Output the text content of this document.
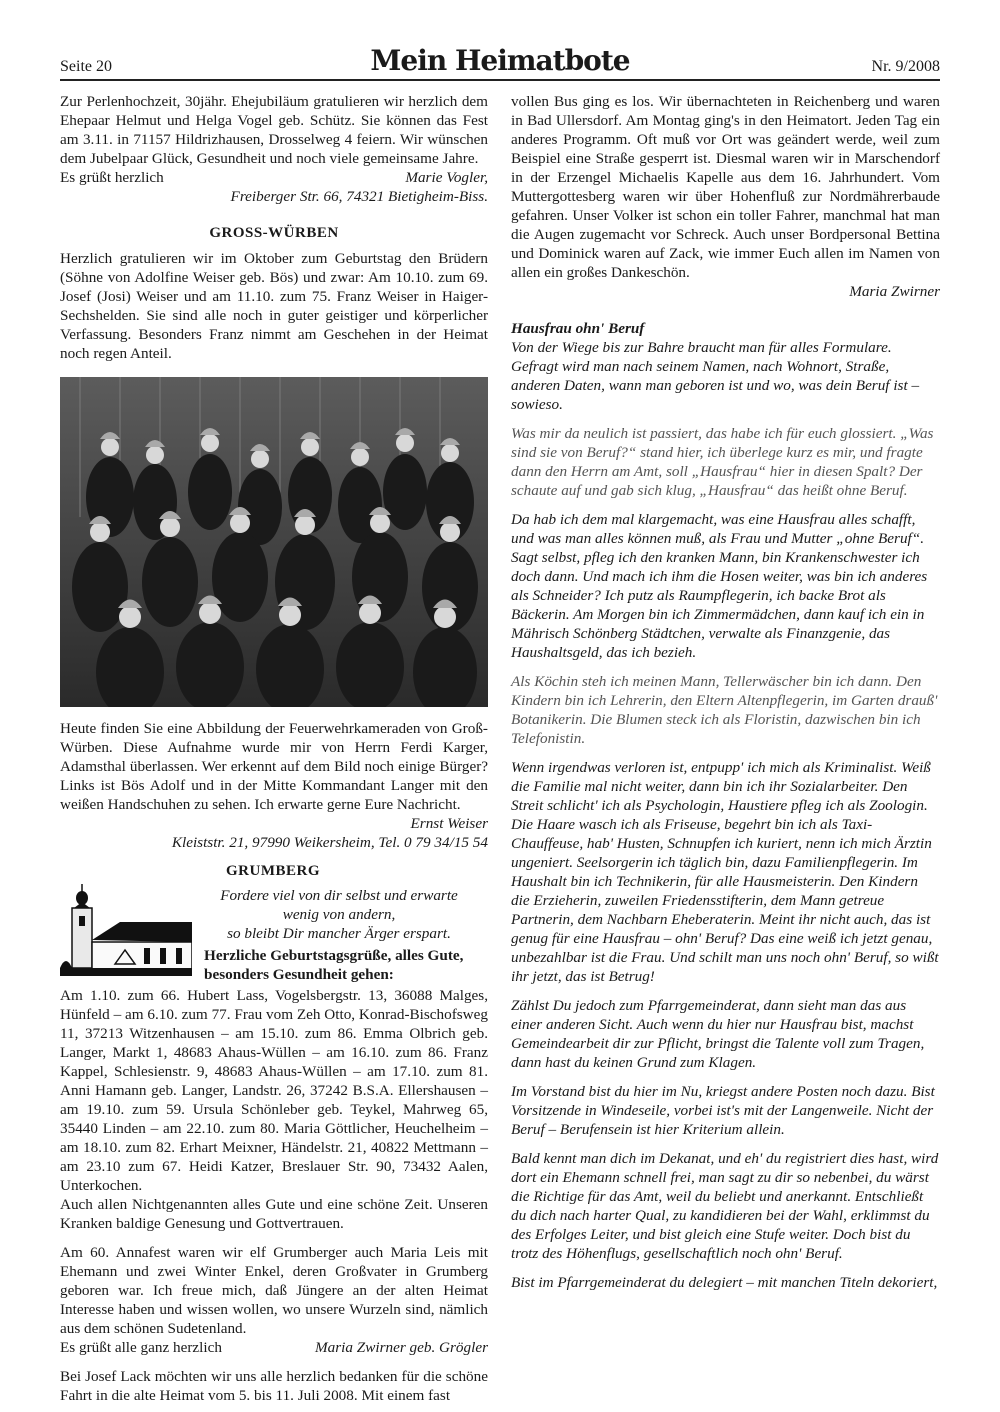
Seite 20	Mein Heimatbote	Nr. 9/2008

Zur Perlenhochzeit, 30jähr. Ehejubiläum gratulieren wir herzlich dem Ehepaar Helmut und Helga Vogel geb. Schütz. Sie können das Fest am 3.11. in 71157 Hildrizhausen, Drosselweg 4 feiern. Wir wünschen dem Jubelpaar Glück, Gesundheit und noch viele gemeinsame Jahre.

Es grüßt herzlich	Marie Vogler,

Freiberger Str. 66, 74321 Bietigheim-Biss.

GROSS-WÜRBEN

Herzlich gratulieren wir im Oktober zum Geburtstag den Brüdern (Söhne von Adolfine Weiser geb. Bös) und zwar: Am 10.10. zum 69. Josef (Josi) Weiser und am 11.10. zum 75. Franz Weiser in Haiger-Sechshelden. Sie sind alle noch in guter geistiger und körperlicher Verfassung. Besonders Franz nimmt am Geschehen in der Heimat noch regen Anteil.

Heute finden Sie eine Abbildung der Feuerwehrkameraden von Groß-Würben. Diese Aufnahme wurde mir von Herrn Ferdi Karger, Adamsthal überlassen. Wer erkennt auf dem Bild noch einige Bürger? Links ist Bös Adolf und in der Mitte Kommandant Langer mit den weißen Handschuhen zu sehen. Ich erwarte gerne Eure Nachricht.

Ernst Weiser

Kleiststr. 21, 97990 Weikersheim, Tel. 0 79 34/15 54

GRUMBERG
Fordere viel von dir selbst und erwarte
wenig von andern,
so bleibt Dir mancher Ärger erspart.
Herzliche Geburtstagsgrüße, alles Gute,
besonders Gesundheit gehen:

Am 1.10. zum 66. Hubert Lass, Vogelsbergstr. 13, 36088 Malges, Hünfeld – am 6.10. zum 77. Frau vom Zeh Otto, Konrad-Bischofsweg 11, 37213 Witzenhausen – am 15.10. zum 86. Emma Olbrich geb. Langer, Markt 1, 48683 Ahaus-Wüllen – am 16.10. zum 86. Franz Kappel, Schlesienstr. 9, 48683 Ahaus-Wüllen – am 17.10. zum 81. Anni Hamann geb. Langer, Landstr. 26, 37242 B.S.A. Ellershausen – am 19.10. zum 59. Ursula Schönleber geb. Teykel, Mahrweg 65, 35440 Linden – am 22.10. zum 80. Maria Göttlicher, Heuchelheim – am 18.10. zum 82. Erhart Meixner, Händelstr. 21, 40822 Mettmann – am 23.10 zum 67. Heidi Katzer, Breslauer Str. 90, 73432 Aalen, Unterkochen.

Auch allen Nichtgenannten alles Gute und eine schöne Zeit. Unseren Kranken baldige Genesung und Gottvertrauen.

Am 60. Annafest waren wir elf Grumberger auch Maria Leis mit Ehemann und zwei Winter Enkel, deren Großvater in Grumberg geboren war. Ich freue mich, daß Jüngere an der alten Heimat Interesse haben und wissen wollen, wo unsere Wurzeln sind, nämlich aus dem schönen Sudetenland.

Es grüßt alle ganz herzlich	Maria Zwirner geb. Grögler

Bei Josef Lack möchten wir uns alle herzlich bedanken für die schöne Fahrt in die alte Heimat vom 5. bis 11. Juli 2008. Mit einem fast

vollen Bus ging es los. Wir übernachteten in Reichenberg und waren in Bad Ullersdorf. Am Montag ging's in den Heimatort. Jeden Tag ein anderes Programm. Oft muß vor Ort was geändert werde, weil zum Beispiel eine Straße gesperrt ist. Diesmal waren wir in Marschendorf in der Erzengel Michaelis Kapelle aus dem 16. Jahrhundert. Vom Muttergottesberg waren wir über Hohenfluß zur Nordmährerbaude gefahren. Unser Volker ist schon ein toller Fahrer, manchmal hat man die Augen zugemacht vor Schreck. Auch unser Bordpersonal Bettina und Dominick waren auf Zack, wie immer Euch allen im Namen von allen ein großes Dankeschön.

Maria Zwirner

Hausfrau ohn' Beruf

Von der Wiege bis zur Bahre braucht man für alles Formulare. Gefragt wird man nach seinem Namen, nach Wohnort, Straße, anderen Daten, wann man geboren ist und wo, was dein Beruf ist – sowieso.

Was mir da neulich ist passiert, das habe ich für euch glossiert. „Was sind sie von Beruf?“ stand hier, ich überlege kurz es mir, und fragte dann den Herrn am Amt, soll „Hausfrau“ hier in diesen Spalt? Der schaute auf und gab sich klug, „Hausfrau“ das heißt ohne Beruf.

Da hab ich dem mal klargemacht, was eine Hausfrau alles schafft, und was man alles können muß, als Frau und Mutter „ohne Beruf“. Sagt selbst, pfleg ich den kranken Mann, bin Krankenschwester ich doch dann. Und mach ich ihm die Hosen weiter, was bin ich anderes als Schneider? Ich putz als Raumpflegerin, ich backe Brot als Bäckerin. Am Morgen bin ich Zimmermädchen, dann kauf ich ein in Mährisch Schönberg Städtchen, verwalte als Finanzgenie, das Haushaltsgeld, das ich bezieh.

Als Köchin steh ich meinen Mann, Tellerwäscher bin ich dann. Den Kindern bin ich Lehrerin, den Eltern Altenpflegerin, im Garten drauß' Botanikerin. Die Blumen steck ich als Floristin, dazwischen bin ich Telefonistin.

Wenn irgendwas verloren ist, entpupp' ich mich als Kriminalist. Weiß die Familie mal nicht weiter, dann bin ich ihr Sozialarbeiter. Den Streit schlicht' ich als Psychologin, Haustiere pfleg ich als Zoologin. Die Haare wasch ich als Friseuse, begehrt bin ich als Taxi-Chauffeuse, hab' Husten, Schnupfen ich kuriert, nenn ich mich Ärztin ungeniert. Seelsorgerin ich täglich bin, dazu Familienpflegerin. Im Haushalt bin ich Technikerin, für alle Hausmeisterin. Den Kindern die Erzieherin, zuweilen Friedensstifterin, dem Mann getreue Partnerin, dem Nachbarn Eheberaterin. Meint ihr nicht auch, das ist genug für eine Hausfrau – ohn' Beruf? Das eine weiß ich jetzt genau, unbezahlbar ist die Frau. Und schilt man uns noch ohn' Beruf, so wißt ihr jetzt, das ist Betrug!

Zählst Du jedoch zum Pfarrgemeinderat, dann sieht man das aus einer anderen Sicht. Auch wenn du hier nur Hausfrau bist, machst Gemeindearbeit dir zur Pflicht, bringst die Talente voll zum Tragen, dann hast du keinen Grund zum Klagen.

Im Vorstand bist du hier im Nu, kriegst andere Posten noch dazu. Bist Vorsitzende in Windeseile, vorbei ist's mit der Langenweile. Nicht der Beruf – Berufensein ist hier Kriterium allein.

Bald kennt man dich im Dekanat, und eh' du registriert dies hast, wird dort ein Ehemann schnell frei, man sagt zu dir so nebenbei, du wärst die Richtige für das Amt, weil du beliebt und anerkannt. Entschließt du dich nach harter Qual, zu kandidieren bei der Wahl, erklimmst du des Erfolges Leiter, und bist gleich eine Stufe weiter. Doch bist du trotz des Höhenflugs, gesellschaftlich noch ohn' Beruf.

Bist im Pfarrgemeinderat du delegiert – mit manchen Titeln dekoriert,
